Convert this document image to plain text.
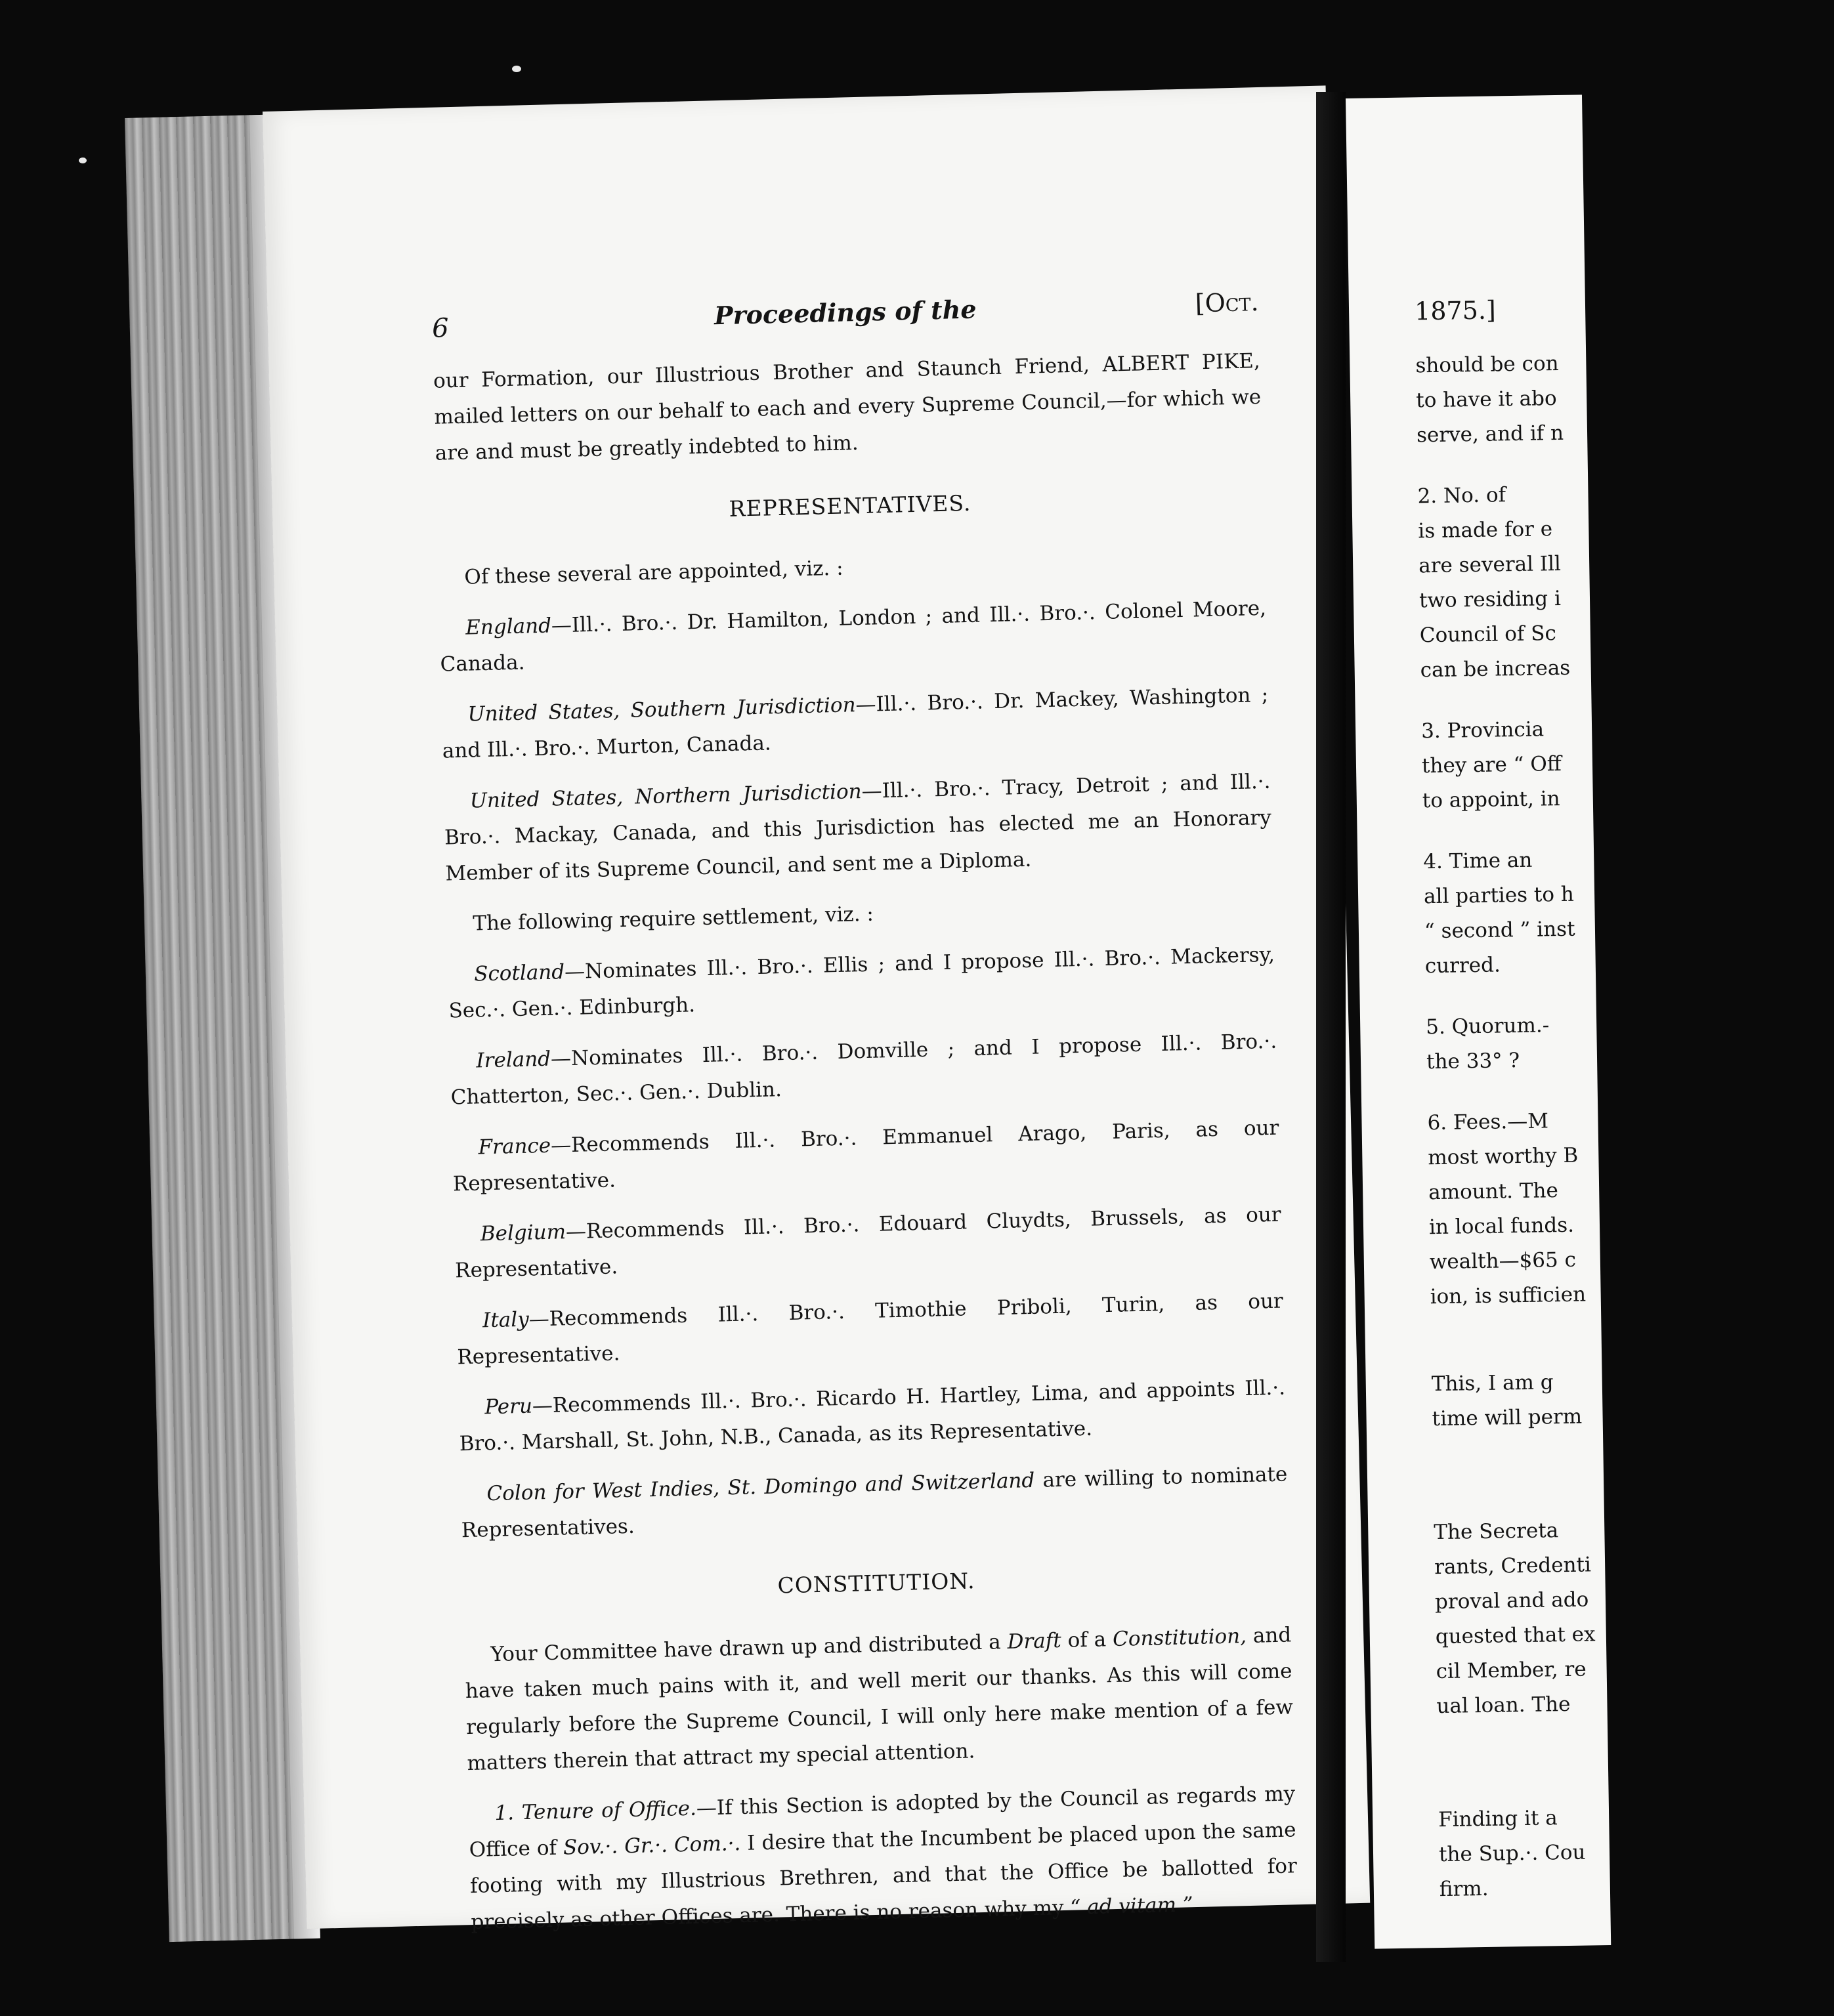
6	Proceedings of the	[Oct.

our Formation, our Illustrious Brother and Staunch Friend, ALBERT PIKE, mailed letters on our behalf to each and every Supreme Council,—for which we are and must be greatly indebted to him.

REPRESENTATIVES.

Of these several are appointed, viz. :

England—Ill.·. Bro.·. Dr. Hamilton, London ; and Ill.·. Bro.·. Colonel Moore, Canada.

United States, Southern Jurisdiction—Ill.·. Bro.·. Dr. Mackey, Washington ; and Ill.·. Bro.·. Murton, Canada.

United States, Northern Jurisdiction—Ill.·. Bro.·. Tracy, Detroit ; and Ill.·. Bro.·. Mackay, Canada, and this Jurisdiction has elected me an Honorary Member of its Supreme Council, and sent me a Diploma.

The following require settlement, viz. :

Scotland—Nominates Ill.·. Bro.·. Ellis ; and I propose Ill.·. Bro.·. Mackersy, Sec.·. Gen.·. Edinburgh.

Ireland—Nominates Ill.·. Bro.·. Domville ; and I propose Ill.·. Bro.·. Chatterton, Sec.·. Gen.·. Dublin.

France—Recommends Ill.·. Bro.·. Emmanuel Arago, Paris, as our Representative.

Belgium—Recommends Ill.·. Bro.·. Edouard Cluydts, Brussels, as our Representative.

Italy—Recommends Ill.·. Bro.·. Timothie Priboli, Turin, as our Representative.

Peru—Recommends Ill.·. Bro.·. Ricardo H. Hartley, Lima, and appoints Ill.·. Bro.·. Marshall, St. John, N.B., Canada, as its Representative.

Colon for West Indies, St. Domingo and Switzerland are willing to nominate Representatives.

CONSTITUTION.

Your Committee have drawn up and distributed a Draft of a Constitution, and have taken much pains with it, and well merit our thanks. As this will come regularly before the Supreme Council, I will only here make mention of a few matters therein that attract my special attention.

1. Tenure of Office.—If this Section is adopted by the Council as regards my Office of Sov.·. Gr.·. Com.·. I desire that the Incumbent be placed upon the same footing with my Illustrious Brethren, and that the Office be ballotted for precisely as other Offices are. There is no reason why my “ ad vitam ”

1875.]
should be con
to have it abo
serve, and if n
2. No. of
is made for e
are several Ill
two residing i
Council of Sc
can be increas
3. Provincia
they are “ Off
to appoint, in
4. Time an
all parties to h
“ second ” inst
curred.
5. Quorum.-
the 33° ?
6. Fees.—M
most worthy B
amount. The
in local funds.
wealth—$65 c
ion, is sufficien
This, I am g
time will perm
The Secreta
rants, Credenti
proval and ado
quested that ex
cil Member, re
ual loan. The
Finding it a
the Sup.·. Cou
firm.
